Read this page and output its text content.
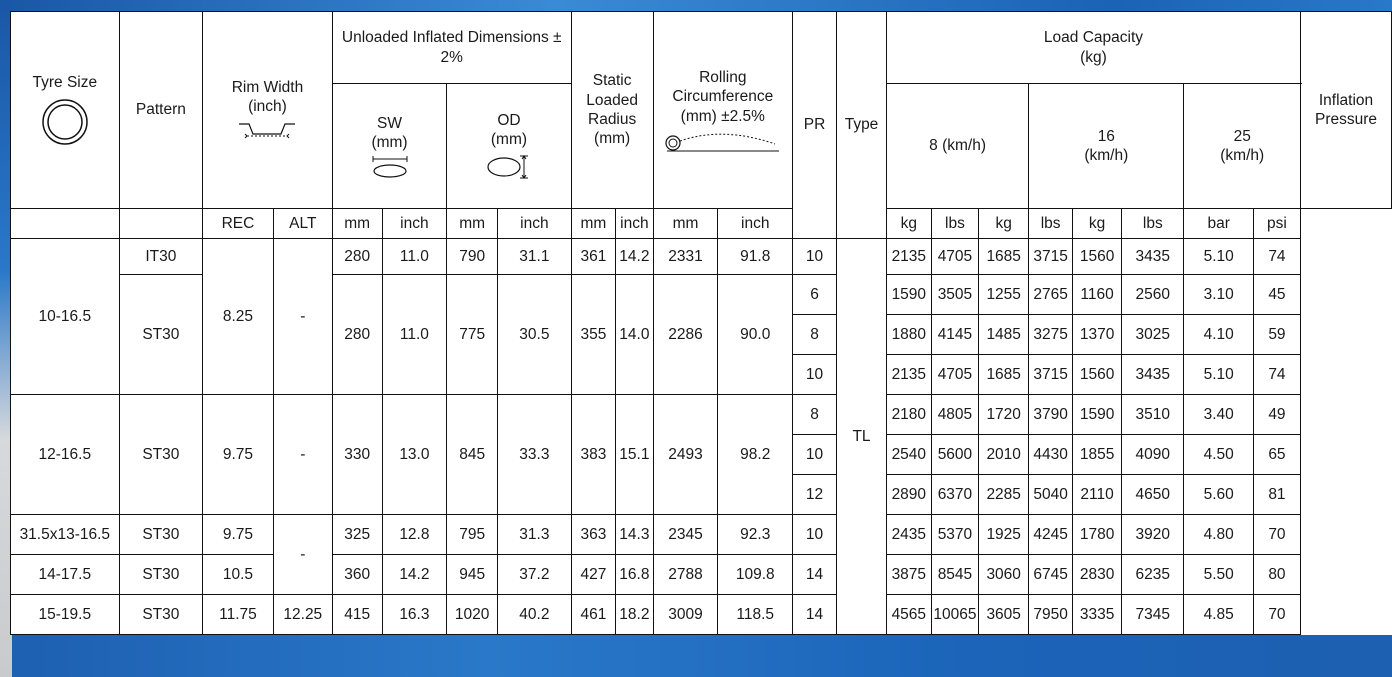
Tyre Size	Pattern	Rim Width (inch)		Unloaded Inflated Dimensions ± 2%				Static Loaded Radius (mm)		Rolling Circumference (mm) ±2.5%		PR	Type	Load Capacity (kg)								Inflation Pressure

				SW (mm)		OD (mm)								8 (km/h)			16 (km/h)			25 (km/h)		

		REC	ALT	mm	inch	mm	inch	mm	inch	mm	inch			kg	lbs	kg	lbs	kg	lbs	bar	psi	
10-16.5	IT30	8.25	-	280	11.0	790	31.1	361	14.2	2331	91.8	10	TL	2135	4705	1685	3715	1560	3435	5.10	74	
	ST30			280	11.0	775	30.5	355	14.0	2286	90.0	6		1590	3505	1255	2765	1160	2560	3.10	45	
												8		1880	4145	1485	3275	1370	3025	4.10	59	
												10		2135	4705	1685	3715	1560	3435	5.10	74	
12-16.5	ST30	9.75	-	330	13.0	845	33.3	383	15.1	2493	98.2	8		2180	4805	1720	3790	1590	3510	3.40	49	
												10		2540	5600	2010	4430	1855	4090	4.50	65	
												12		2890	6370	2285	5040	2110	4650	5.60	81	
31.5x13-16.5	ST30	9.75	-	325	12.8	795	31.3	363	14.3	2345	92.3	10		2435	5370	1925	4245	1780	3920	4.80	70	
14-17.5	ST30	10.5		360	14.2	945	37.2	427	16.8	2788	109.8	14		3875	8545	3060	6745	2830	6235	5.50	80	
15-19.5	ST30	11.75	12.25	415	16.3	1020	40.2	461	18.2	3009	118.5	14		4565	10065	3605	7950	3335	7345	4.85	70	
